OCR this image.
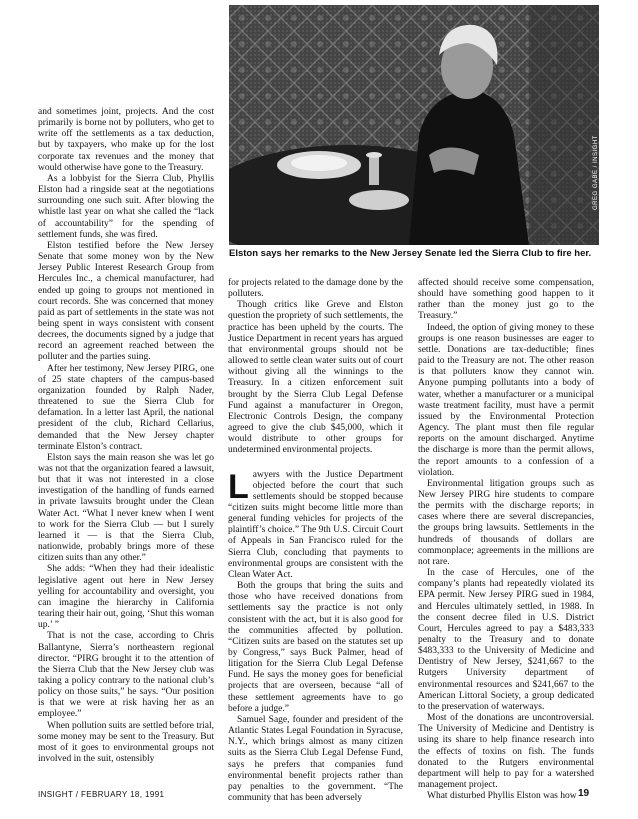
GREG GABE / INSIGHT
Elston says her remarks to the New Jersey Senate led the Sierra Club to fire her.

and sometimes joint, projects. And the cost primarily is borne not by polluters, who get to write off the settlements as a tax deduction, but by taxpayers, who make up for the lost corporate tax revenues and the money that would otherwise have gone to the Treasury.

As a lobbyist for the Sierra Club, Phyllis Elston had a ringside seat at the negotiations surrounding one such suit. After blowing the whistle last year on what she called the “lack of accountability” for the spending of settlement funds, she was fired.

Elston testified before the New Jersey Senate that some money won by the New Jersey Public Interest Research Group from Hercules Inc., a chemical manufacturer, had ended up going to groups not mentioned in court records. She was concerned that money paid as part of settlements in the state was not being spent in ways consistent with consent decrees, the documents signed by a judge that record an agreement reached between the polluter and the parties suing.

After her testimony, New Jersey PIRG, one of 25 state chapters of the campus-based organization founded by Ralph Nader, threatened to sue the Sierra Club for defamation. In a letter last April, the national president of the club, Richard Cellarius, demanded that the New Jersey chapter terminate Elston’s contract.

Elston says the main reason she was let go was not that the organization feared a lawsuit, but that it was not interested in a close investigation of the handling of funds earned in private lawsuits brought under the Clean Water Act. “What I never knew when I went to work for the Sierra Club — but I surely learned it — is that the Sierra Club, nationwide, probably brings more of these citizen suits than any other.”

She adds: “When they had their idealistic legislative agent out here in New Jersey yelling for accountability and oversight, you can imagine the hierarchy in California tearing their hair out, going, ‘Shut this woman up.’ ”

That is not the case, according to Chris Ballantyne, Sierra’s northeastern regional director. “PIRG brought it to the attention of the Sierra Club that the New Jersey club was taking a policy contrary to the national club’s policy on those suits,” he says. “Our position is that we were at risk having her as an employee.”

When pollution suits are settled before trial, some money may be sent to the Treasury. But most of it goes to environmental groups not involved in the suit, ostensibly

for projects related to the damage done by the polluters.

Though critics like Greve and Elston question the propriety of such settlements, the practice has been upheld by the courts. The Justice Department in recent years has argued that environmental groups should not be allowed to settle clean water suits out of court without giving all the winnings to the Treasury. In a citizen enforcement suit brought by the Sierra Club Legal Defense Fund against a manufacturer in Oregon, Electronic Controls Design, the company agreed to give the club $45,000, which it would distribute to other groups for undetermined environmental projects.

Lawyers with the Justice Department objected before the court that such settlements should be stopped because “citizen suits might become little more than general funding vehicles for projects of the plaintiff’s choice.” The 9th U.S. Circuit Court of Appeals in San Francisco ruled for the Sierra Club, concluding that payments to environmental groups are consistent with the Clean Water Act.

Both the groups that bring the suits and those who have received donations from settlements say the practice is not only consistent with the act, but it is also good for the communities affected by pollution. “Citizen suits are based on the statutes set up by Congress,” says Buck Palmer, head of litigation for the Sierra Club Legal Defense Fund. He says the money goes for beneficial projects that are overseen, because “all of these settlement agreements have to go before a judge.”

Samuel Sage, founder and president of the Atlantic States Legal Foundation in Syracuse, N.Y., which brings almost as many citizen suits as the Sierra Club Legal Defense Fund, says he prefers that companies fund environmental benefit projects rather than pay penalties to the government. “The community that has been adversely

affected should receive some compensation, should have something good happen to it rather than the money just go to the Treasury.”

Indeed, the option of giving money to these groups is one reason businesses are eager to settle. Donations are tax-deductible; fines paid to the Treasury are not. The other reason is that polluters know they cannot win. Anyone pumping pollutants into a body of water, whether a manufacturer or a municipal waste treatment facility, must have a permit issued by the Environmental Protection Agency. The plant must then file regular reports on the amount discharged. Anytime the discharge is more than the permit allows, the report amounts to a confession of a violation.

Environmental litigation groups such as New Jersey PIRG hire students to compare the permits with the discharge reports; in cases where there are several discrepancies, the groups bring lawsuits. Settlements in the hundreds of thousands of dollars are commonplace; agreements in the millions are not rare.

In the case of Hercules, one of the company’s plants had repeatedly violated its EPA permit. New Jersey PIRG sued in 1984, and Hercules ultimately settled, in 1988. In the consent decree filed in U.S. District Court, Hercules agreed to pay a $483,333 penalty to the Treasury and to donate $483,333 to the University of Medicine and Dentistry of New Jersey, $241,667 to the Rutgers University department of environmental resources and $241,667 to the American Littoral Society, a group dedicated to the preservation of waterways.

Most of the donations are uncontroversial. The University of Medicine and Dentistry is using its share to help finance research into the effects of toxins on fish. The funds donated to the Rutgers environmental department will help to pay for a watershed management project.

What disturbed Phyllis Elston was how

INSIGHT / FEBRUARY 18, 1991	19
